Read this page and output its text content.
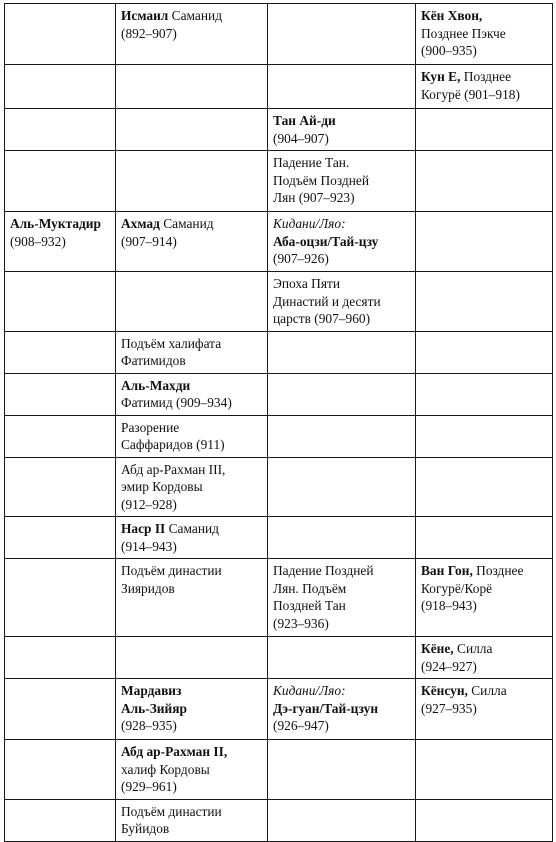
	Исмаил Саманид
(892–907)		Кён Хвон,
Позднее Пэкче
(900–935)

			Кун Е, Позднее
Когурё (901–918)

		Тан Ай-ди
(904–907)	

		Падение Тан.
Подъём Поздней
Лян (907–923)	

Аль-Муктадир
(908–932)	Ахмад Саманид
(907–914)	Кидани/Ляо:
Аба-оцзи/Тай-цзу
(907–926)	

		Эпоха Пяти
Династий и десяти
царств (907–960)	

	Подъём халифата
Фатимидов		

	Аль-Махди
Фатимид (909–934)		

	Разорение
Саффаридов (911)		

	Абд ар-Рахман III,
эмир Кордовы
(912–928)		

	Наср II Саманид
(914–943)		

	Подъём династии
Зияридов	Падение Поздней
Лян. Подъём
Поздней Тан
(923–936)	Ван Гон, Позднее
Когурё/Корё
(918–943)

			Кёне, Силла
(924–927)

	Мардавиз
Аль-Зийяр
(928–935)	Кидани/Ляо:
Дэ-гуан/Тай-цзун
(926–947)	Кёнсун, Силла
(927–935)

	Абд ар-Рахман II,
халиф Кордовы
(929–961)		

	Подъём династии
Буйидов		
